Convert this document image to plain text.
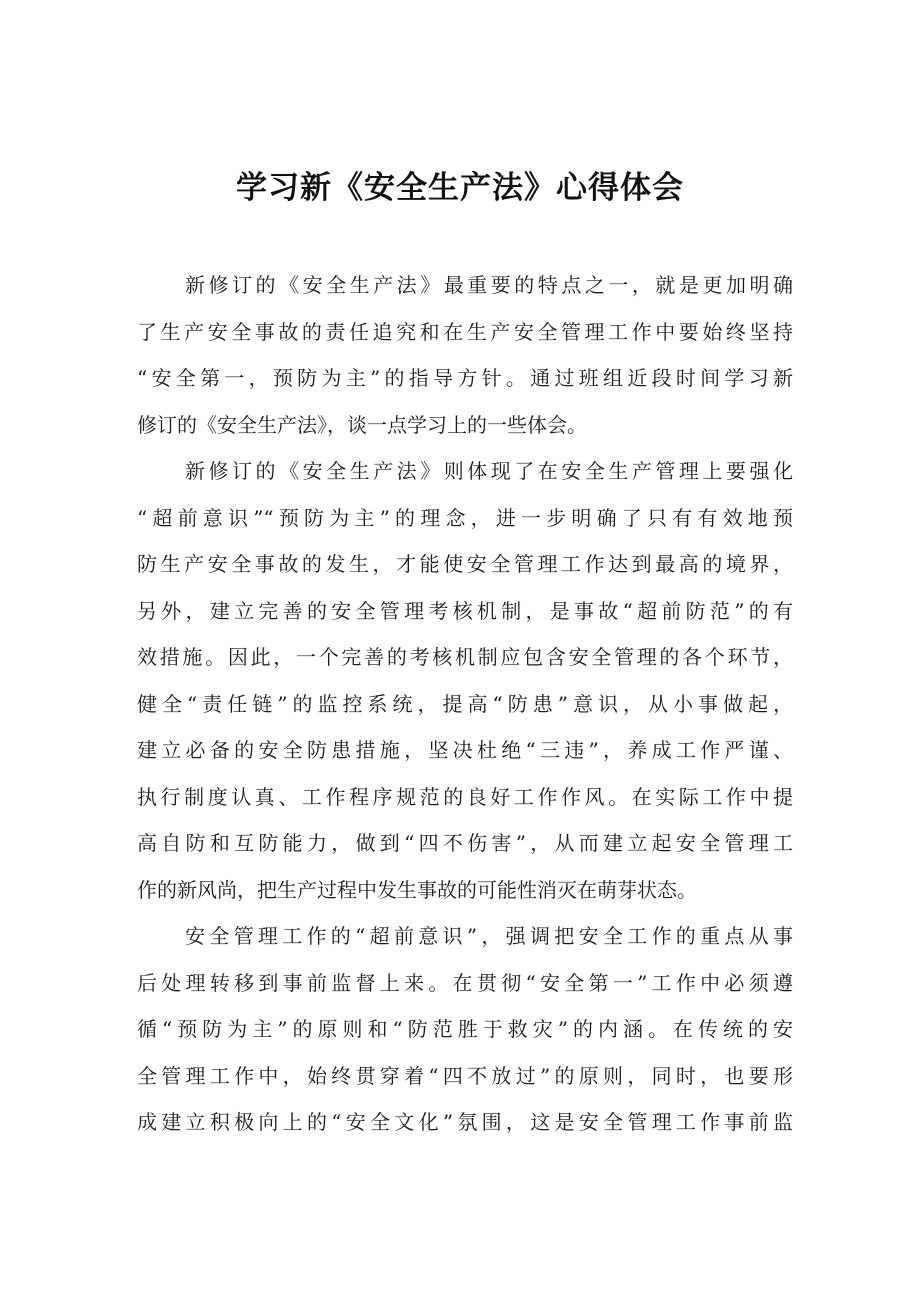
学习新《安全生产法》心得体会
新修订的《安全生产法》最重要的特点之一，就是更加明确
了生产安全事故的责任追究和在生产安全管理工作中要始终坚持
“安全第一，预防为主”的指导方针。通过班组近段时间学习新
修订的《安全生产法》，谈一点学习上的一些体会。
新修订的《安全生产法》则体现了在安全生产管理上要强化
“超前意识”“预防为主”的理念，进一步明确了只有有效地预
防生产安全事故的发生，才能使安全管理工作达到最高的境界，
另外，建立完善的安全管理考核机制，是事故“超前防范”的有
效措施。因此，一个完善的考核机制应包含安全管理的各个环节，
健全“责任链”的监控系统，提高“防患”意识，从小事做起，
建立必备的安全防患措施，坚决杜绝“三违”，养成工作严谨、
执行制度认真、工作程序规范的良好工作作风。在实际工作中提
高自防和互防能力，做到“四不伤害”，从而建立起安全管理工
作的新风尚，把生产过程中发生事故的可能性消灭在萌芽状态。
安全管理工作的“超前意识”，强调把安全工作的重点从事
后处理转移到事前监督上来。在贯彻“安全第一”工作中必须遵
循“预防为主”的原则和“防范胜于救灾”的内涵。在传统的安
全管理工作中，始终贯穿着“四不放过”的原则，同时，也要形
成建立积极向上的“安全文化”氛围，这是安全管理工作事前监
